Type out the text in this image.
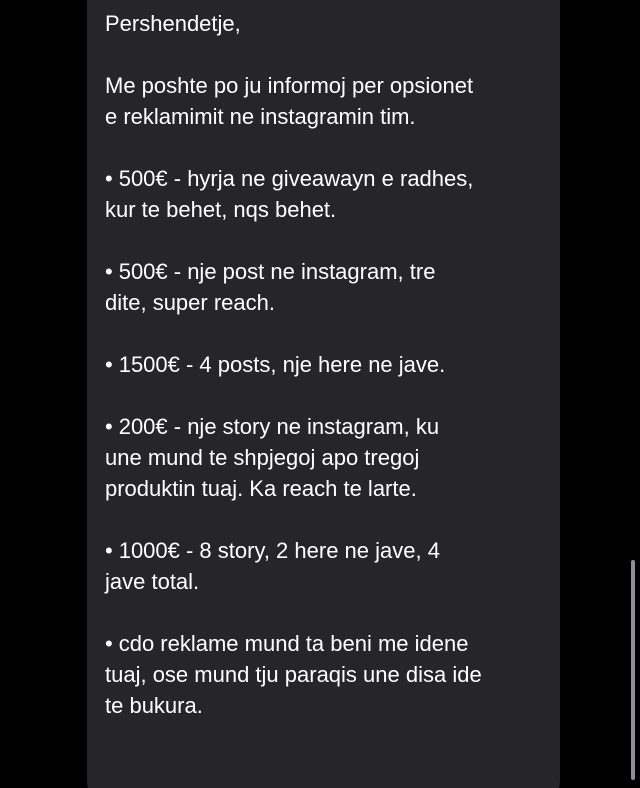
Pershendetje,

Me poshte po ju informoj per opsionet

e reklamimit ne instagramin tim.

• 500€ - hyrja ne giveawayn e radhes,

kur te behet, nqs behet.

• 500€ - nje post ne instagram, tre

dite, super reach.

• 1500€ - 4 posts, nje here ne jave.

• 200€ - nje story ne instagram, ku

une mund te shpjegoj apo tregoj

produktin tuaj. Ka reach te larte.

• 1000€ - 8 story, 2 here ne jave, 4

jave total.

• cdo reklame mund ta beni me idene

tuaj, ose mund tju paraqis une disa ide

te bukura.
